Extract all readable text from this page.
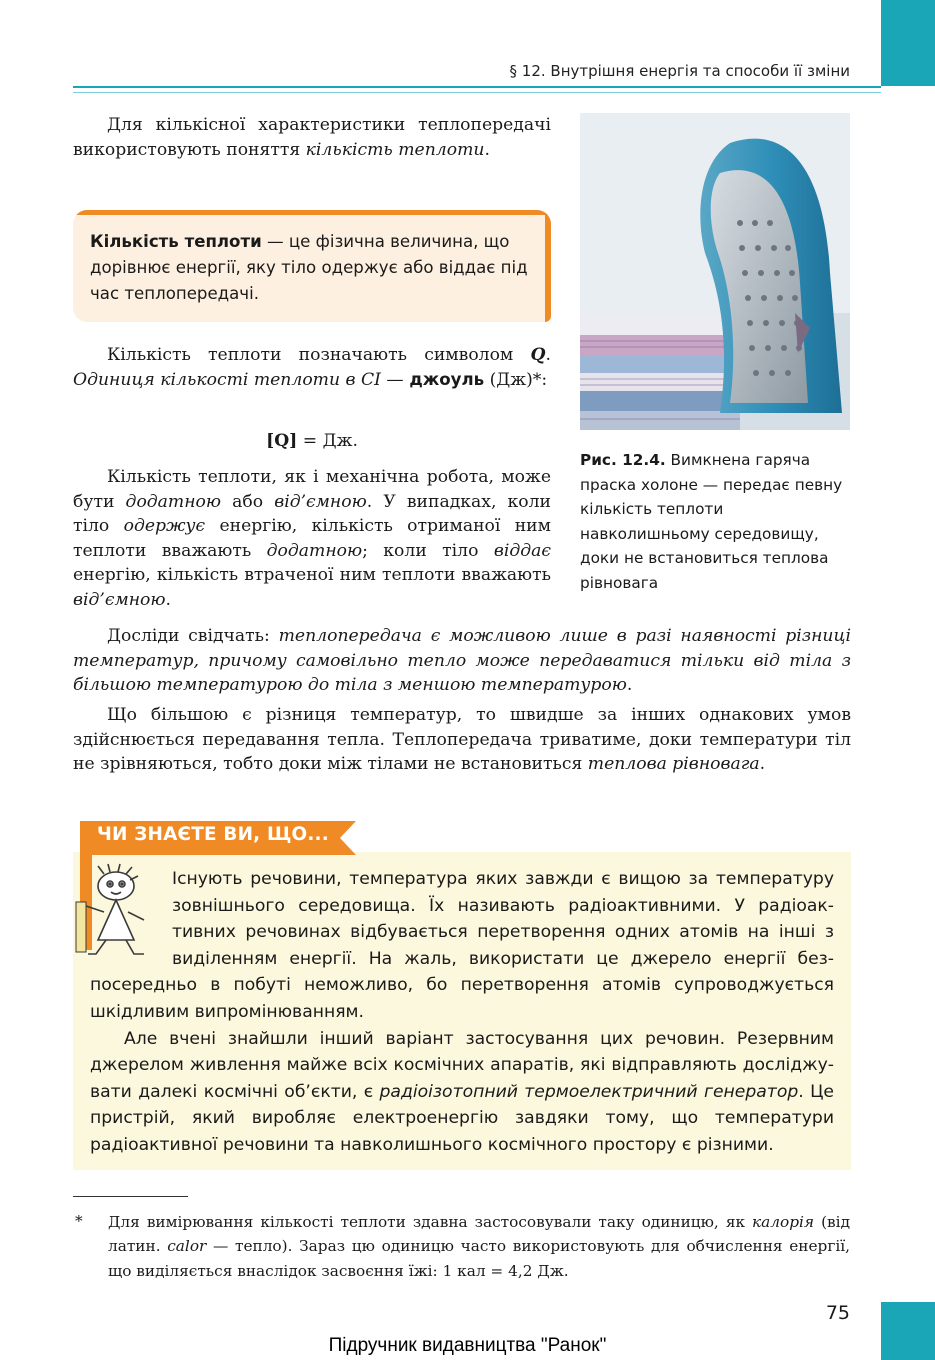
§ 12. Внутрішня енергія та способи її зміни

Для кількісної характеристики теплопередачі використовують поняття кількість теплоти.

Кількість теплоти — це фізична величина, що дорівнює енергії, яку тіло одержує або віддає під час теплопередачі.

Кількість теплоти позначають символом Q. Одиниця кількості теплоти в СІ — джоуль (Дж)*:

[Q] = Дж.

Кількість теплоти, як і механічна робота, може бути додатною або від’ємною. У випадках, коли тіло одержує енергію, кількість отриманої ним теплоти вважають додатною; коли тіло віддає енергію, кількість втраченої ним теплоти вважають від’ємною.

Досліди свідчать: теплопередача є можливою лише в разі наявності різниці температур, причому самовільно тепло може передаватися тільки від тіла з більшою температурою до тіла з меншою температурою.

Що більшою є різниця температур, то швидше за інших однакових умов здійснюється передавання тепла. Теплопередача триватиме, доки температури тіл не зрівняються, тобто доки між тілами не встановиться теплова рівновага.

Рис. 12.4. Вимкнена гаряча праска холоне — передає певну кількість теплоти навколишньому середовищу, доки не встановиться теплова рівновага
ЧИ ЗНАЄТЕ ВИ, ЩО...

Існують речовини, температура яких завжди є вищою за температуру зовнішнього середовища. Їх називають радіоактивними. У радіоактивних речовинах відбувається перетворення одних атомів на інші з виділенням енергії. На жаль, використати це джерело енергії безпосередньо в побуті неможливо, бо перетворення атомів супроводжується шкідливим випромінюванням.

Але вчені знайшли інший варіант застосування цих речовин. Резервним джерелом живлення майже всіх космічних апаратів, які відправляють досліджувати далекі космічні об’єкти, є радіоізотопний термоелектричний генератор. Це пристрій, який виробляє електроенергію завдяки тому, що температури радіоактивної речовини та навколишнього космічного простору є різними.

* Для вимірювання кількості теплоти здавна застосовували таку одиницю, як калорія (від латин. calor — тепло). Зараз цю одиницю часто використовують для обчислення енергії, що виділяється внаслідок засвоєння їжі: 1 кал = 4,2 Дж.
75
Підручник видавництва "Ранок"
